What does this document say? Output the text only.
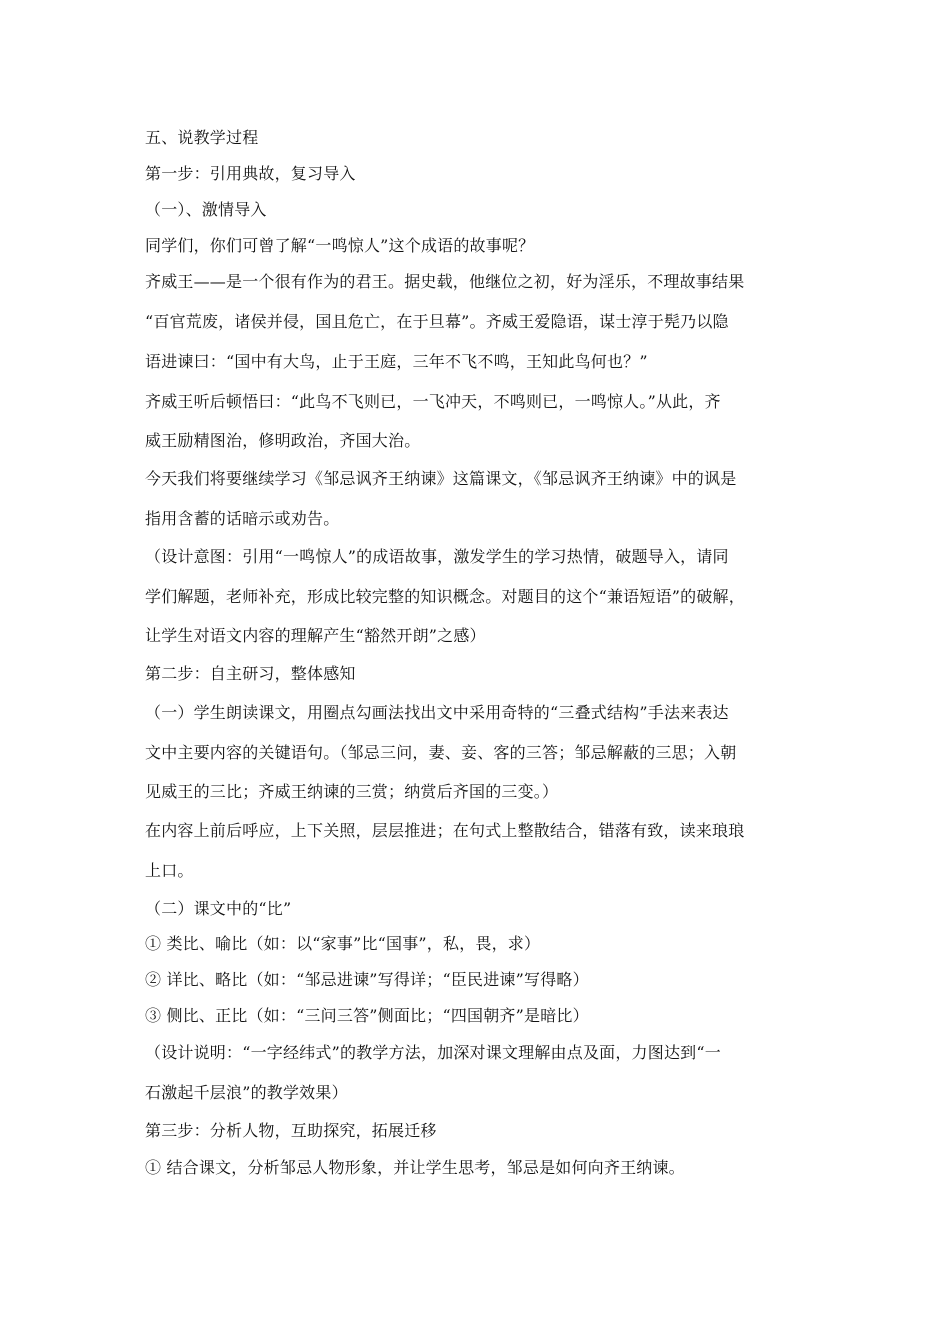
五、说教学过程
第一步：引用典故，复习导入
（一）、激情导入
同学们，你们可曾了解“一鸣惊人”这个成语的故事呢？
齐威王——是一个很有作为的君王。据史载，他继位之初，好为淫乐，不理故事结果
“百官荒废，诸侯并侵，国且危亡，在于旦幕”。齐威王爱隐语，谋士淳于髡乃以隐
语进谏曰：“国中有大鸟，止于王庭，三年不飞不鸣，王知此鸟何也？”
齐威王听后顿悟曰：“此鸟不飞则已，一飞冲天，不鸣则已，一鸣惊人。”从此，齐
威王励精图治，修明政治，齐国大治。
今天我们将要继续学习《邹忌讽齐王纳谏》这篇课文，《邹忌讽齐王纳谏》中的讽是
指用含蓄的话暗示或劝告。
（设计意图：引用“一鸣惊人”的成语故事，激发学生的学习热情，破题导入，请同
学们解题，老师补充，形成比较完整的知识概念。对题目的这个“兼语短语”的破解，
让学生对语文内容的理解产生“豁然开朗”之感）
第二步：自主研习，整体感知
（一）学生朗读课文，用圈点勾画法找出文中采用奇特的“三叠式结构”手法来表达
文中主要内容的关键语句。（邹忌三问，妻、妾、客的三答；邹忌解蔽的三思；入朝
见威王的三比；齐威王纳谏的三赏；纳赏后齐国的三变。）
在内容上前后呼应，上下关照，层层推进；在句式上整散结合，错落有致，读来琅琅
上口。
（二）课文中的“比”
① 类比、喻比（如：以“家事”比“国事”，私，畏，求）
② 详比、略比（如：“邹忌进谏”写得详；“臣民进谏”写得略）
③ 侧比、正比（如：“三问三答”侧面比；“四国朝齐”是暗比）
（设计说明：“一字经纬式”的教学方法，加深对课文理解由点及面，力图达到“一
石激起千层浪”的教学效果）
第三步：分析人物，互助探究，拓展迁移
① 结合课文，分析邹忌人物形象，并让学生思考，邹忌是如何向齐王纳谏。
